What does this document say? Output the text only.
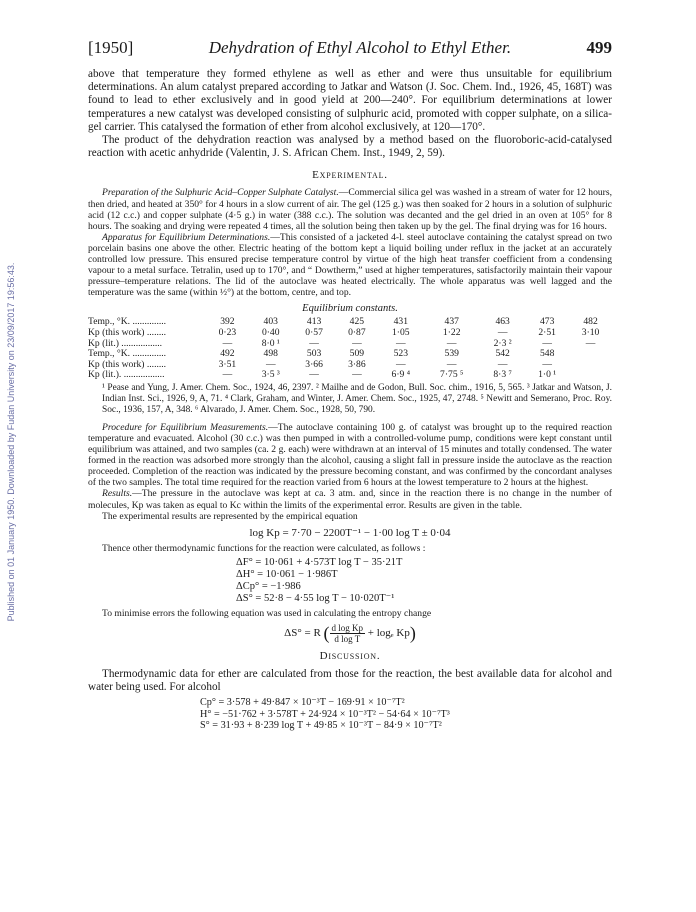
Published on 01 January 1950. Downloaded by Fudan University on 23/09/2017 19:56:43.
[1950]	Dehydration of Ethyl Alcohol to Ethyl Ether.	499

above that temperature they formed ethylene as well as ether and were thus unsuitable for equilibrium determinations. An alum catalyst prepared according to Jatkar and Watson (J. Soc. Chem. Ind., 1926, 45, 168T) was found to lead to ether exclusively and in good yield at 200—240°. For equilibrium determinations at lower temperatures a new catalyst was developed consisting of sulphuric acid, promoted with copper sulphate, on a silica-gel carrier. This catalysed the formation of ether from alcohol exclusively, at 120—170°.

The product of the dehydration reaction was analysed by a method based on the fluoroboric-acid-catalysed reaction with acetic anhydride (Valentin, J. S. African Chem. Inst., 1949, 2, 59).

Experimental.

Preparation of the Sulphuric Acid–Copper Sulphate Catalyst.—Commercial silica gel was washed in a stream of water for 12 hours, then dried, and heated at 350° for 4 hours in a slow current of air. The gel (125 g.) was then soaked for 2 hours in a solution of sulphuric acid (12 c.c.) and copper sulphate (4·5 g.) in water (388 c.c.). The solution was decanted and the gel dried in an oven at 105° for 8 hours. The soaking and drying were repeated 4 times, all the solution being then taken up by the gel. The final drying was for 16 hours.

Apparatus for Equilibrium Determinations.—This consisted of a jacketed 4-l. steel autoclave containing the catalyst spread on two porcelain basins one above the other. Electric heating of the bottom kept a liquid boiling under reflux in the jacket at an accurately controlled low pressure. This ensured precise temperature control by virtue of the high heat transfer coefficient from a condensing vapour to a metal surface. Tetralin, used up to 170°, and “ Dowtherm,” used at higher temperatures, satisfactorily maintain their vapour pressure–temperature relations. The lid of the autoclave was heated electrically. The whole apparatus was well lagged and the temperature was the same (within ½°) at the bottom, centre, and top.

Equilibrium constants.
Temp., °K. ..............	392	403	413	425	431	437	463	473	482
Kp (this work) ........	0·23	0·40	0·57	0·87	1·05	1·22	—	2·51	3·10
Kp (lit.) .................	—	8·0 ¹	—	—	—	—	2·3 ²	—	—
Temp., °K. ..............	492	498	503	509	523	539	542	548	
Kp (this work) ........	3·51	—	3·66	3·86	—	—	—	—	
Kp (lit.). .................	—	3·5 ³	—	—	6·9 ⁴	7·75 ⁵	8·3 ⁷	1·0 ¹	

¹ Pease and Yung, J. Amer. Chem. Soc., 1924, 46, 2397. ² Mailhe and de Godon, Bull. Soc. chim., 1916, 5, 565. ³ Jatkar and Watson, J. Indian Inst. Sci., 1926, 9, A, 71. ⁴ Clark, Graham, and Winter, J. Amer. Chem. Soc., 1925, 47, 2748. ⁵ Newitt and Semerano, Proc. Roy. Soc., 1936, 157, A, 348. ⁶ Alvarado, J. Amer. Chem. Soc., 1928, 50, 790.

Procedure for Equilibrium Measurements.—The autoclave containing 100 g. of catalyst was brought up to the required reaction temperature and evacuated. Alcohol (30 c.c.) was then pumped in with a controlled-volume pump, conditions were kept constant until equilibrium was attained, and two samples (ca. 2 g. each) were withdrawn at an interval of 15 minutes and totally condensed. The water formed in the reaction was adsorbed more strongly than the alcohol, causing a slight fall in pressure inside the autoclave as the reaction proceeded. Completion of the reaction was indicated by the pressure becoming constant, and was confirmed by the concordant analyses of the two samples. The total time required for the reaction varied from 6 hours at the lowest temperature to 2 hours at the highest.

Results.—The pressure in the autoclave was kept at ca. 3 atm. and, since in the reaction there is no change in the number of molecules, Kp was taken as equal to Kc within the limits of the experimental error. Results are given in the table.

The experimental results are represented by the empirical equation

log Kp = 7·70 − 2200T⁻¹ − 1·00 log T ± 0·04

Thence other thermodynamic functions for the reaction were calculated, as follows :

ΔF° = 10·061 + 4·573T log T − 35·21T
ΔH° = 10·061 − 1·986T
ΔCp° = −1·986
ΔS° = 52·8 − 4·55 log T − 10·020T⁻¹

To minimise errors the following equation was used in calculating the entropy change

ΔS° = R ( $\frac{\text{d log Kp}}{\text{d log T}} + \log_e$ Kp)
Discussion.

Thermodynamic data for ether are calculated from those for the reaction, the best available data for alcohol and water being used. For alcohol

Cp° = 3·578 + 49·847 × 10⁻³T − 169·91 × 10⁻⁷T²
H° = −51·762 + 3·578T + 24·924 × 10⁻³T² − 54·64 × 10⁻⁷T³
S° = 31·93 + 8·239 log T + 49·85 × 10⁻³T − 84·9 × 10⁻⁷T²
